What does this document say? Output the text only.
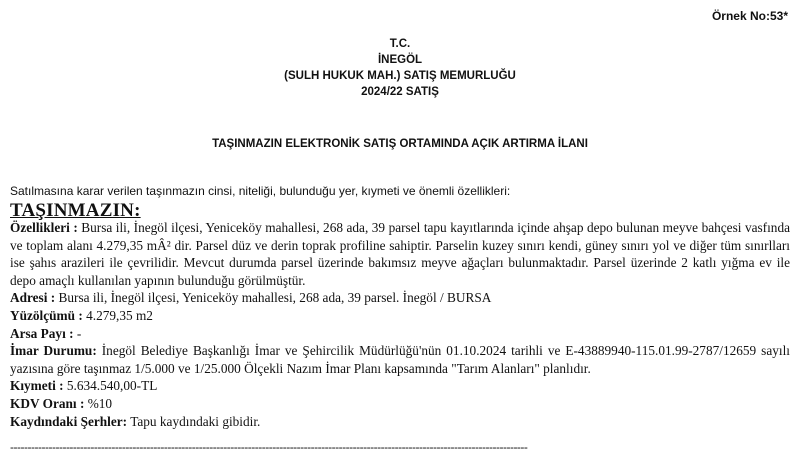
Örnek No:53*
T.C.
İNEGÖL
(SULH HUKUK MAH.) SATIŞ MEMURLUĞU
2024/22 SATIŞ
TAŞINMAZIN ELEKTRONİK SATIŞ ORTAMINDA AÇIK ARTIRMA İLANI
Satılmasına karar verilen taşınmazın cinsi, niteliği, bulunduğu yer, kıymeti ve önemli özellikleri:
TAŞINMAZIN:

Özellikleri : Bursa ili, İnegöl ilçesi, Yeniceköy mahallesi, 268 ada, 39 parsel tapu kayıtlarında içinde ahşap depo bulunan meyve bahçesi vasfında ve toplam alanı 4.279,35 mÂ² dir. Parsel düz ve derin toprak profiline sahiptir. Parselin kuzey sınırı kendi, güney sınırı yol ve diğer tüm sınırlları ise şahıs arazileri ile çevrilidir. Mevcut durumda parsel üzerinde bakımsız meyve ağaçları bulunmaktadır. Parsel üzerinde 2 katlı yığma ev ile depo amaçlı kullanılan yapının bulunduğu görülmüştür.

Adresi : Bursa ili, İnegöl ilçesi, Yeniceköy mahallesi, 268 ada, 39 parsel. İnegöl / BURSA

Yüzölçümü : 4.279,35 m2

Arsa Payı : -

İmar Durumu: İnegöl Belediye Başkanlığı İmar ve Şehircilik Müdürlüğü'nün 01.10.2024 tarihli ve E-43889940-115.01.99-2787/12659 sayılı yazısına göre taşınmaz 1/5.000 ve 1/25.000 Ölçekli Nazım İmar Planı kapsamında "Tarım Alanları" planlıdır.

Kıymeti : 5.634.540,00-TL

KDV Oranı : %10

Kaydındaki Şerhler: Tapu kaydındaki gibidir.

----------------------------------------------------------------------------------------------------------------------------------------------------
